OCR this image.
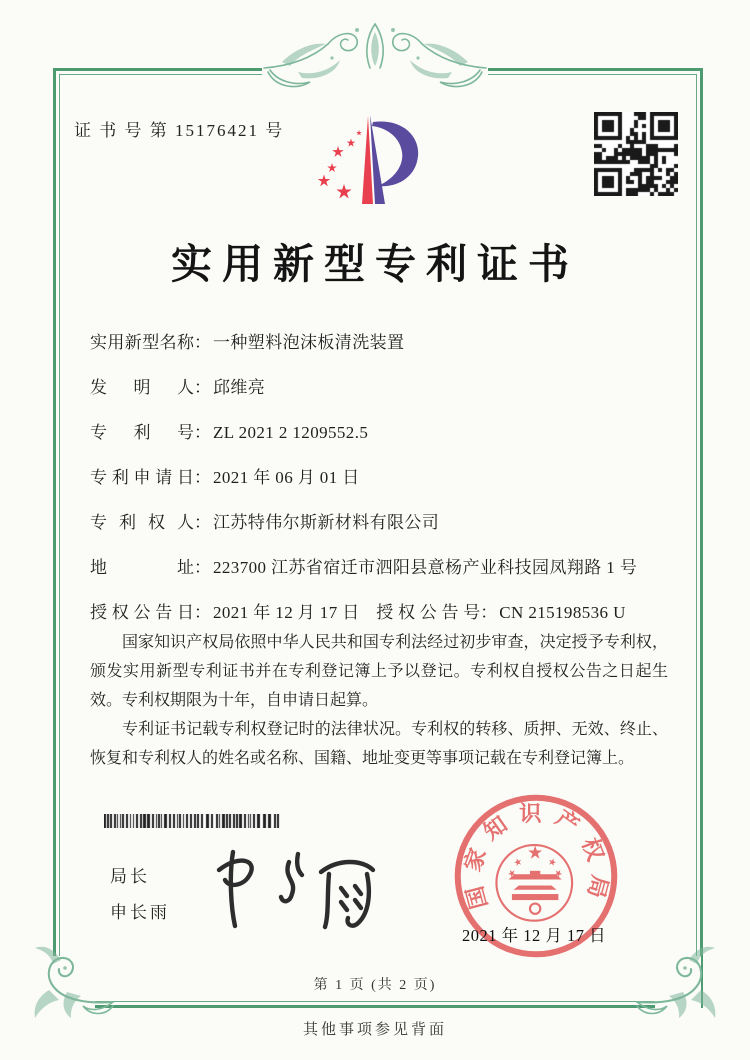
证 书 号 第 15176421 号
实用新型专利证书
实用新型名称： 一种塑料泡沫板清洗装置
发明人： 邱维亮
专利号： ZL 2021 2 1209552.5
专利申请日： 2021 年 06 月 01 日
专利权人： 江苏特伟尔斯新材料有限公司
地址： 223700 江苏省宿迁市泗阳县意杨产业科技园凤翔路 1 号
授权公告日： 2021 年 12 月 17 日 授权公告号： CN 215198536 U

国家知识产权局依照中华人民共和国专利法经过初步审查，决定授予专利权，颁发实用新型专利证书并在专利登记簿上予以登记。专利权自授权公告之日起生效。专利权期限为十年，自申请日起算。

专利证书记载专利权登记时的法律状况。专利权的转移、质押、无效、终止、恢复和专利权人的姓名或名称、国籍、地址变更等事项记载在专利登记簿上。

局长
申长雨
国家知识产权局
2021 年 12 月 17 日
第 1 页 (共 2 页)
其他事项参见背面
